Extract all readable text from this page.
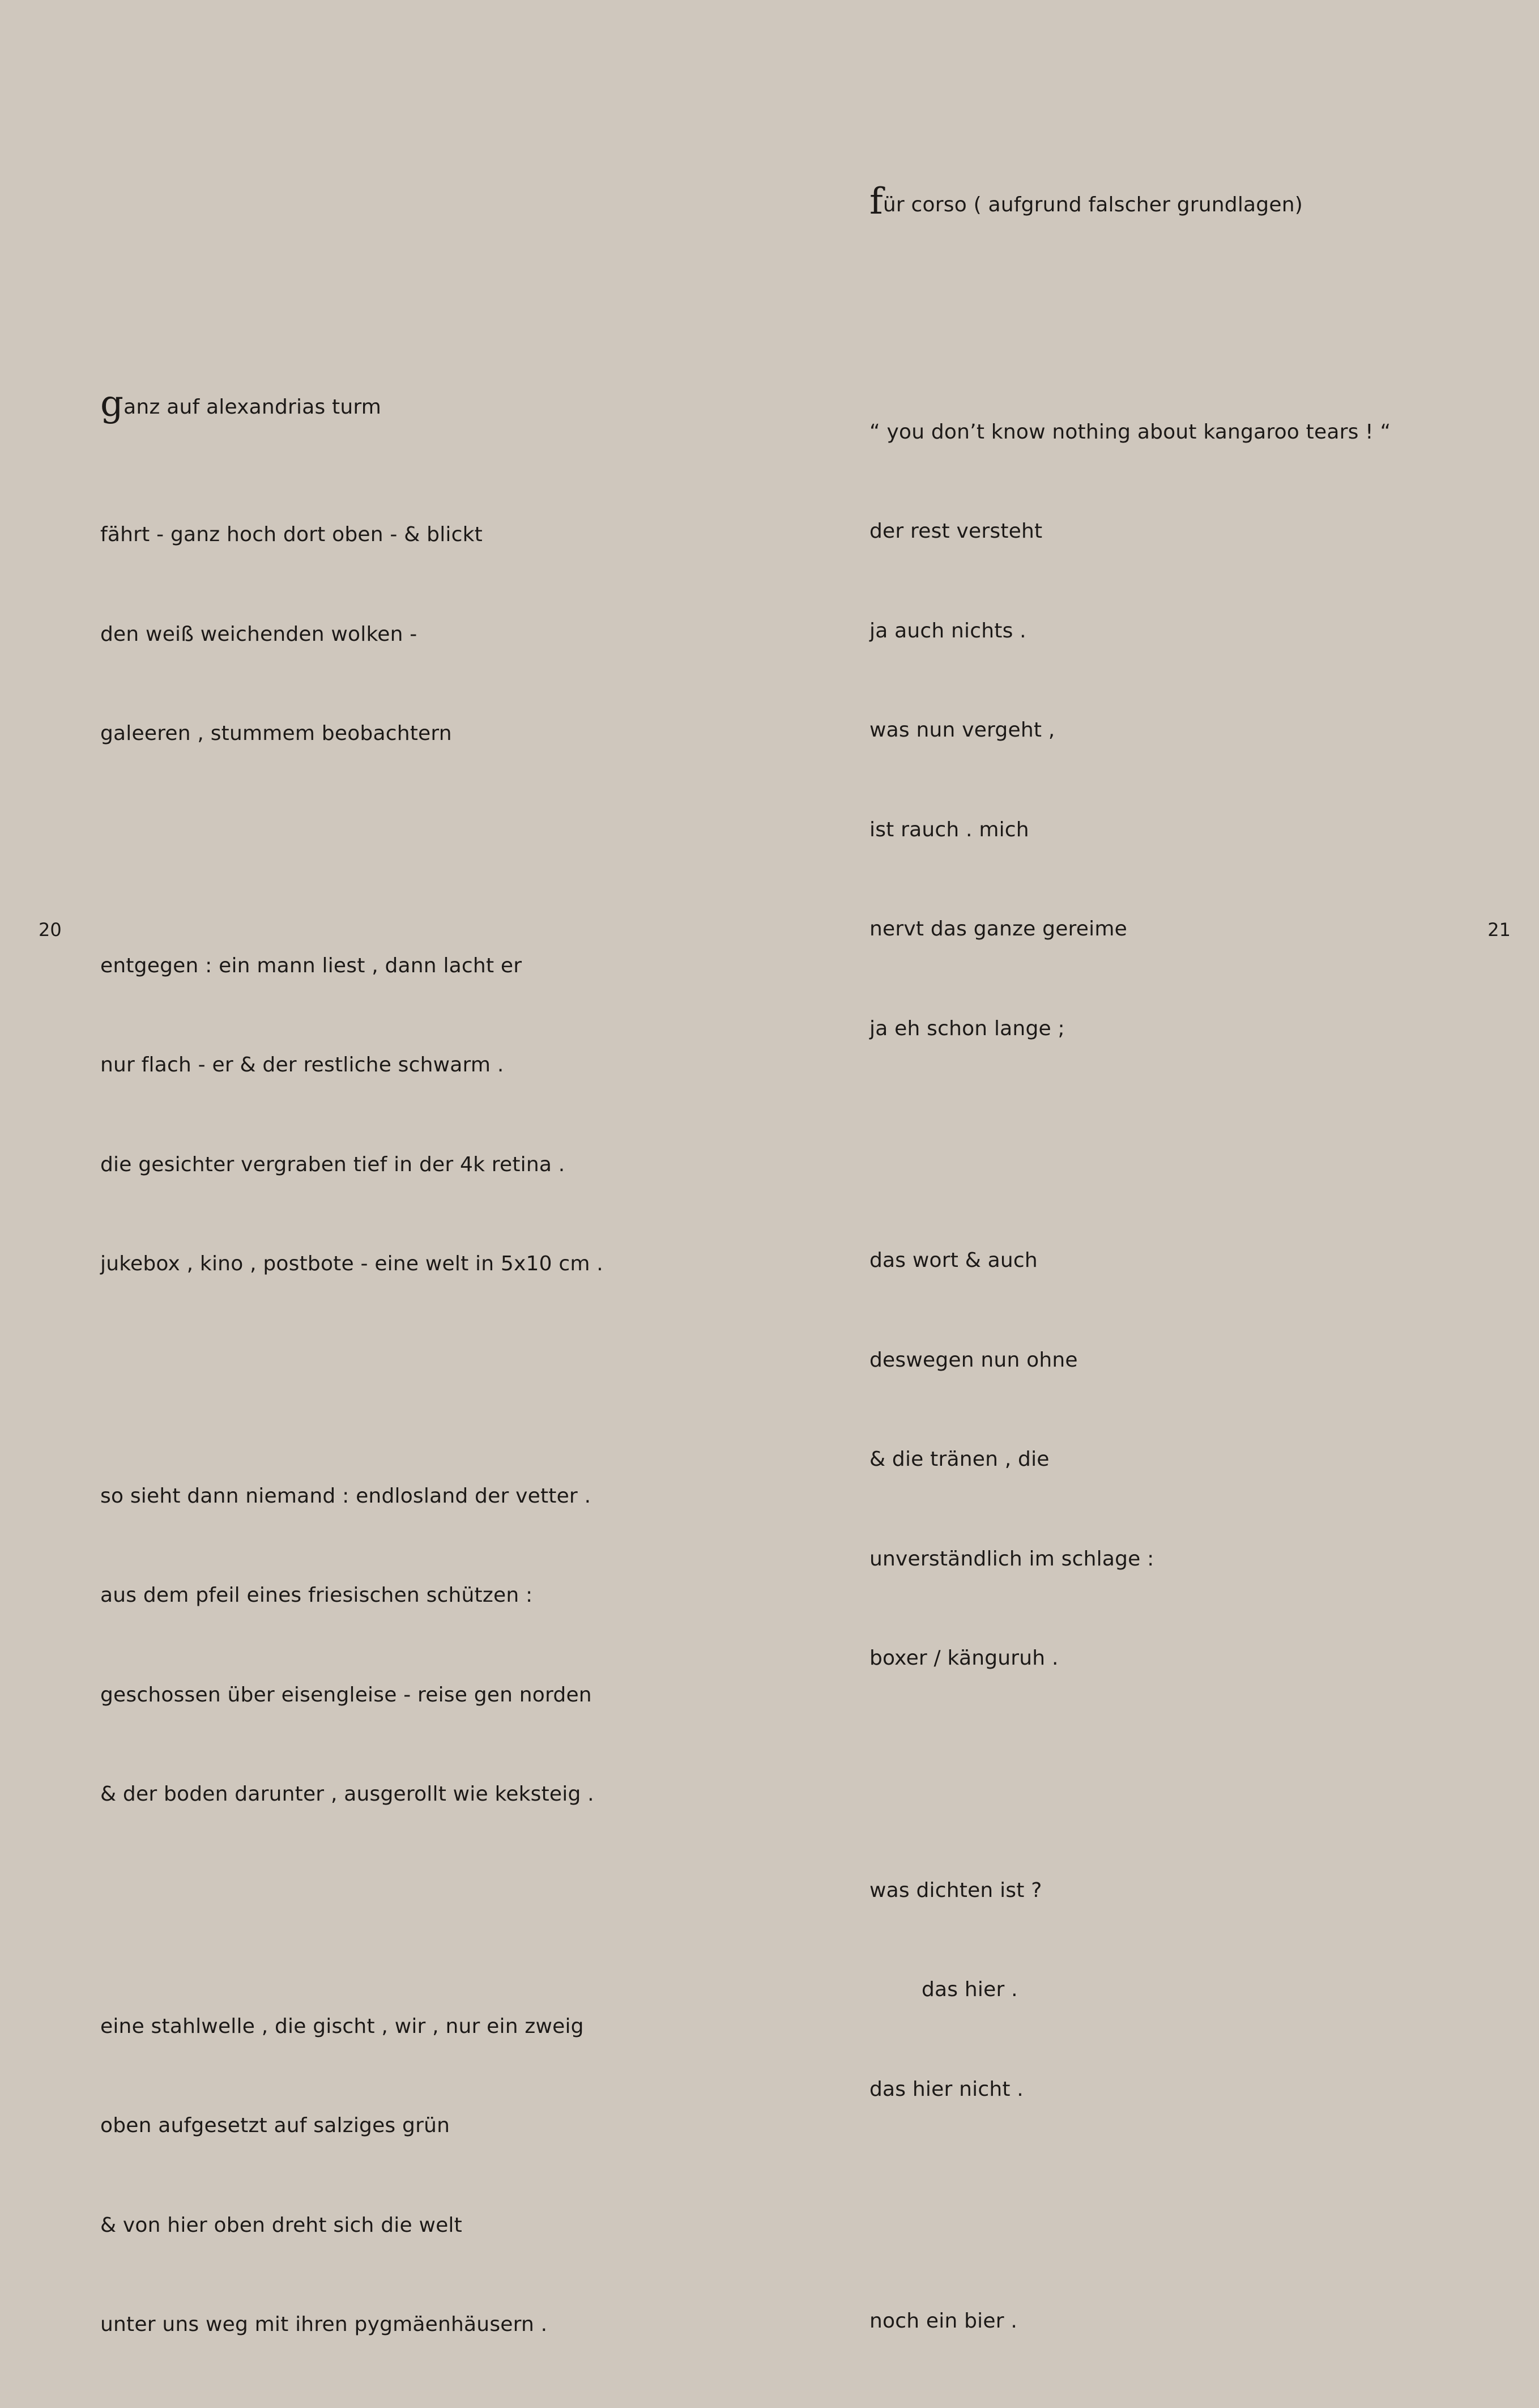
ganz auf alexandrias turm

fährt - ganz hoch dort oben - & blickt

den weiß weichenden wolken -

galeeren , stummem beobachtern

entgegen : ein mann liest , dann lacht er

nur flach - er & der restliche schwarm .

die gesichter vergraben tief in der 4k retina .

jukebox , kino , postbote - eine welt in 5x10 cm .

so sieht dann niemand : endlosland der vetter .

aus dem pfeil eines friesischen schützen :

geschossen über eisengleise - reise gen norden

& der boden darunter , ausgerollt wie keksteig .

eine stahlwelle , die gischt , wir , nur ein zweig

oben aufgesetzt auf salziges grün

& von hier oben dreht sich die welt

unter uns weg mit ihren pygmäenhäusern .

20

für corso ( aufgrund falscher grundlagen)

“ you don’t know nothing about kangaroo tears ! “

der rest versteht

ja auch nichts .

was nun vergeht ,

ist rauch . mich

nervt das ganze gereime

ja eh schon lange ;

das wort & auch

deswegen nun ohne

& die tränen , die

unverständlich im schlage :

boxer / känguruh .

was dichten ist ?

das hier .

das hier nicht .

noch ein bier .

21
